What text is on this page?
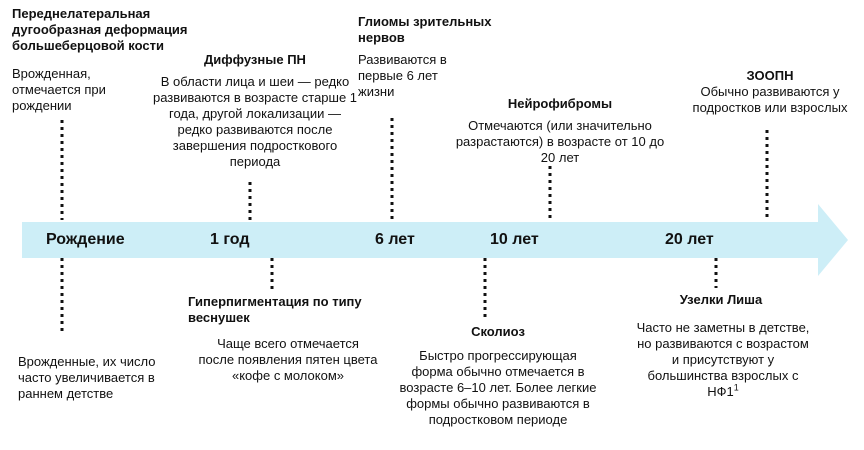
Рождение	1 год	6 лет	10 лет	20 лет
Переднелатеральная дугообразная деформация большеберцовой кости
Врожденная, отмечается при рождении
Диффузные ПН
В области лица и шеи — редко развиваются в возрасте старше 1 года, другой локализации — редко развиваются после завершения подросткового периода
Глиомы зрительных нервов
Развиваются в первые 6 лет жизни
Нейрофибромы
Отмечаются (или значительно разрастаются) в возрасте от 10 до 20 лет
ЗООПН
Обычно развиваются у подростков или взрослых
Врожденные, их число часто увеличивается в раннем детстве
Гиперпигментация по типу веснушек
Чаще всего отмечается после появления пятен цвета «кофе с молоком»
Сколиоз
Быстро прогрессирующая форма обычно отмечается в возрасте 6–10 лет. Более легкие формы обычно развиваются в подростковом периоде
Узелки Лиша
Часто не заметны в детстве, но развиваются с возрастом и присутствуют у большинства взрослых с $НФ1^1$
